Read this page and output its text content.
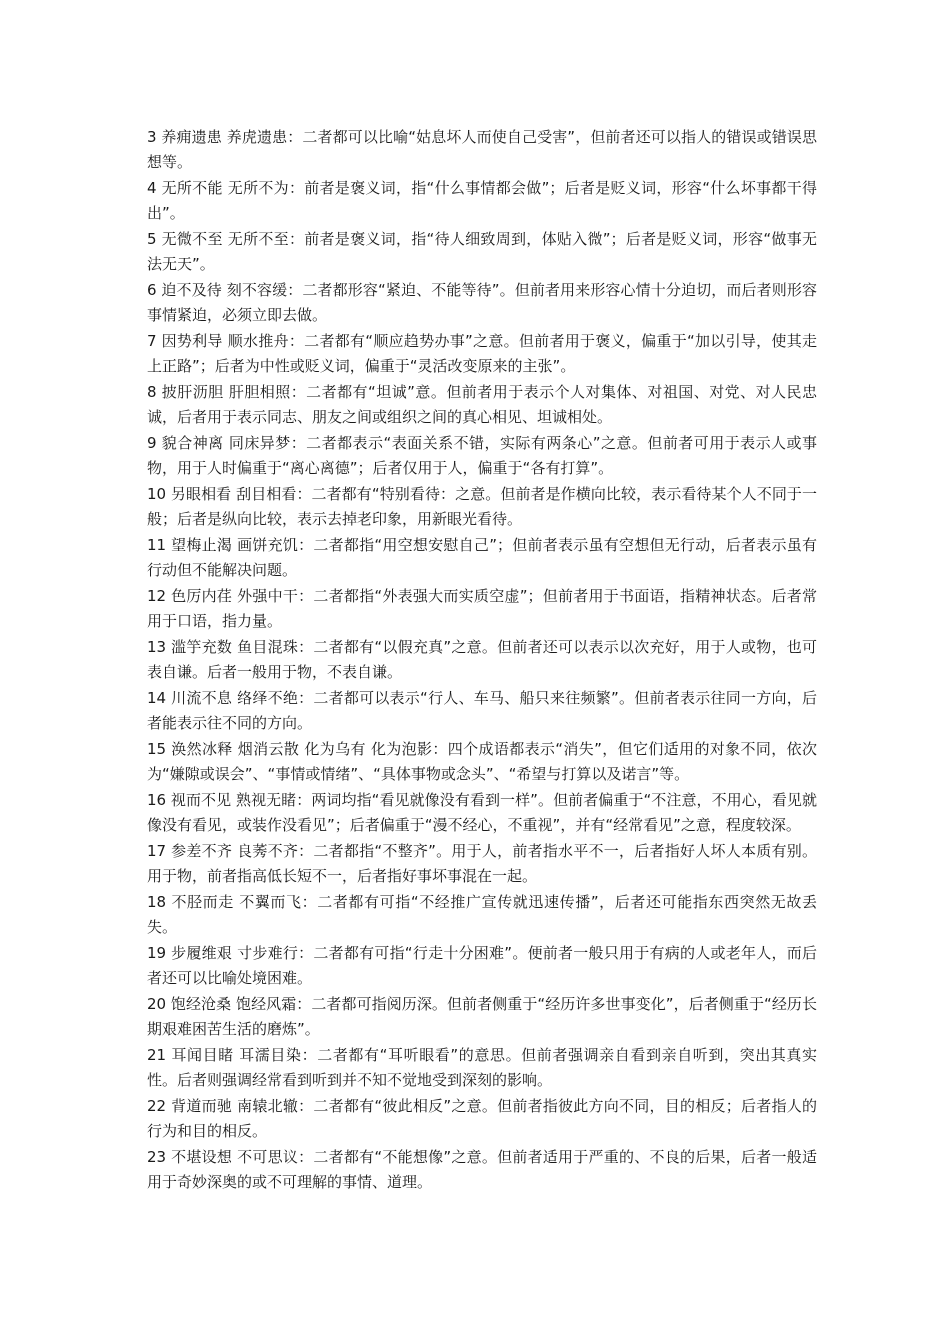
3 养痈遗患 养虎遗患：二者都可以比喻“姑息坏人而使自己受害”，但前者还可以指人的错误或错误思想等。

4 无所不能 无所不为：前者是褒义词，指“什么事情都会做”；后者是贬义词，形容“什么坏事都干得出”。

5 无微不至 无所不至：前者是褒义词，指“待人细致周到，体贴入微”；后者是贬义词，形容“做事无法无天”。

6 迫不及待 刻不容缓：二者都形容“紧迫、不能等待”。但前者用来形容心情十分迫切，而后者则形容事情紧迫，必须立即去做。

7 因势利导 顺水推舟：二者都有“顺应趋势办事”之意。但前者用于褒义，偏重于“加以引导，使其走上正路”；后者为中性或贬义词，偏重于“灵活改变原来的主张”。

8 披肝沥胆 肝胆相照：二者都有“坦诚”意。但前者用于表示个人对集体、对祖国、对党、对人民忠诚，后者用于表示同志、朋友之间或组织之间的真心相见、坦诚相处。

9 貌合神离 同床异梦：二者都表示“表面关系不错，实际有两条心”之意。但前者可用于表示人或事物，用于人时偏重于“离心离德”；后者仅用于人，偏重于“各有打算”。

10 另眼相看 刮目相看：二者都有“特别看待：之意。但前者是作横向比较，表示看待某个人不同于一般；后者是纵向比较，表示去掉老印象，用新眼光看待。

11 望梅止渴 画饼充饥：二者都指“用空想安慰自己”；但前者表示虽有空想但无行动，后者表示虽有行动但不能解决问题。

12 色厉内荏 外强中干：二者都指“外表强大而实质空虚”；但前者用于书面语，指精神状态。后者常用于口语，指力量。

13 滥竽充数 鱼目混珠：二者都有“以假充真”之意。但前者还可以表示以次充好，用于人或物，也可表自谦。后者一般用于物，不表自谦。

14 川流不息 络绎不绝：二者都可以表示“行人、车马、船只来往频繁”。但前者表示往同一方向，后者能表示往不同的方向。

15 涣然冰释 烟消云散 化为乌有 化为泡影：四个成语都表示“消失”，但它们适用的对象不同，依次为“嫌隙或误会”、“事情或情绪”、“具体事物或念头”、“希望与打算以及诺言”等。

16 视而不见 熟视无睹：两词均指“看见就像没有看到一样”。但前者偏重于“不注意，不用心，看见就像没有看见，或装作没看见”；后者偏重于“漫不经心，不重视”，并有“经常看见”之意，程度较深。

17 参差不齐 良莠不齐：二者都指“不整齐”。用于人，前者指水平不一，后者指好人坏人本质有别。用于物，前者指高低长短不一，后者指好事坏事混在一起。

18 不胫而走 不翼而飞：二者都有可指“不经推广宣传就迅速传播”，后者还可能指东西突然无故丢失。

19 步履维艰 寸步难行：二者都有可指“行走十分困难”。便前者一般只用于有病的人或老年人，而后者还可以比喻处境困难。

20 饱经沧桑 饱经风霜：二者都可指阅历深。但前者侧重于“经历许多世事变化”，后者侧重于“经历长期艰难困苦生活的磨炼”。

21 耳闻目睹 耳濡目染：二者都有“耳听眼看”的意思。但前者强调亲自看到亲自听到，突出其真实性。后者则强调经常看到听到并不知不觉地受到深刻的影响。

22 背道而驰 南辕北辙：二者都有“彼此相反”之意。但前者指彼此方向不同，目的相反；后者指人的行为和目的相反。

23 不堪设想 不可思议：二者都有“不能想像”之意。但前者适用于严重的、不良的后果，后者一般适用于奇妙深奥的或不可理解的事情、道理。
